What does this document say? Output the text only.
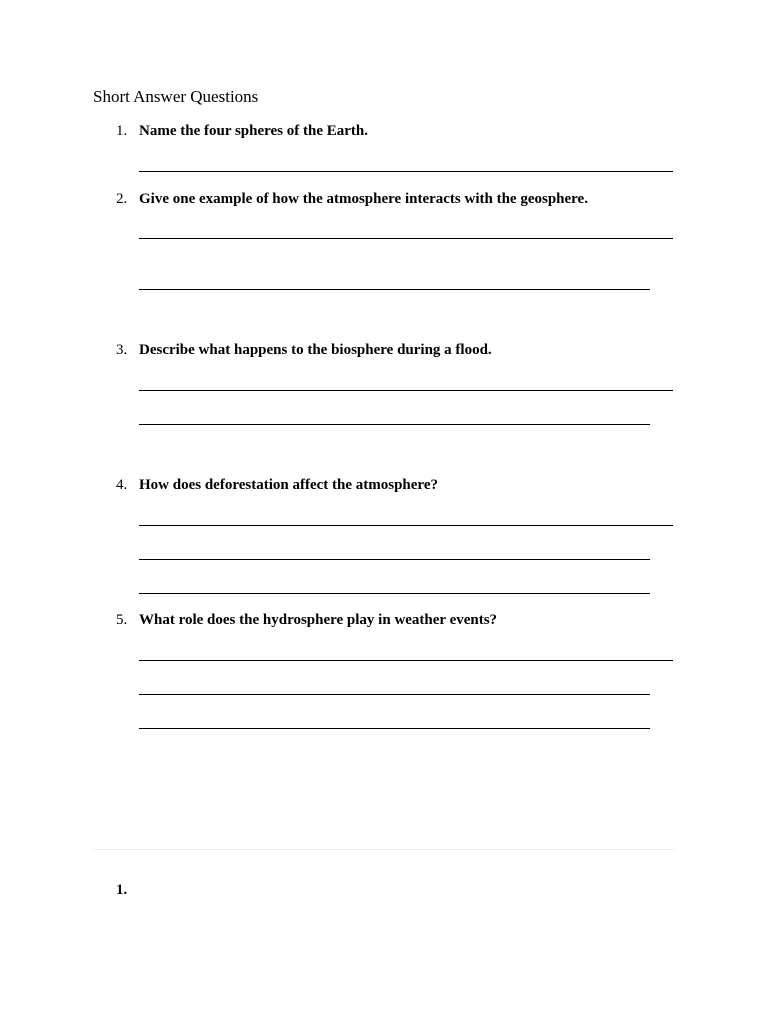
Short Answer Questions
1. Name the four spheres of the Earth.
2. Give one example of how the atmosphere interacts with the geosphere.
3. Describe what happens to the biosphere during a flood.
4. How does deforestation affect the atmosphere?
5. What role does the hydrosphere play in weather events?
1.
